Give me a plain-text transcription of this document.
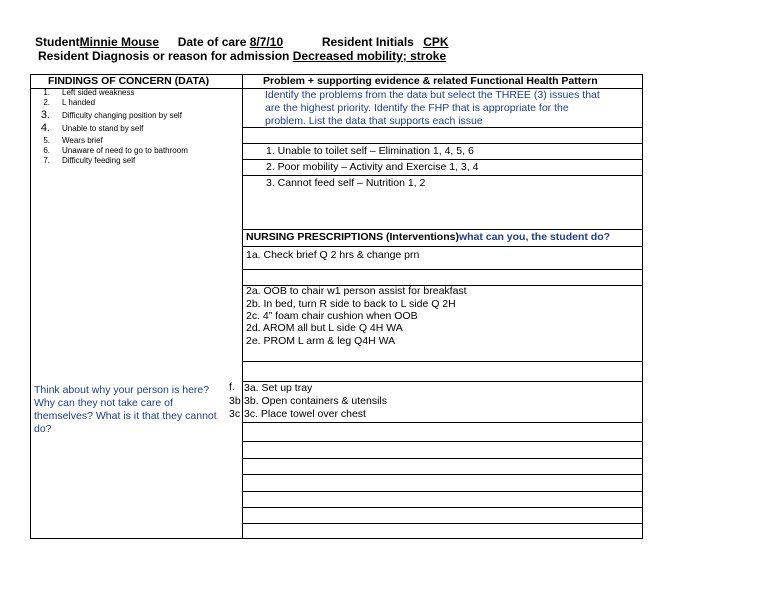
StudentMinnie Mouse Date of care 8/7/10	Resident Initials CPK
Resident Diagnosis or reason for admission Decreased mobility; stroke
FINDINGS OF CONCERN (DATA)
1. Left sided weakness
2. L handed
3. Difficulty changing position by self
4. Unable to stand by self
5. Wears brief
6. Unaware of need to go to bathroom
7. Difficulty feeding self
Think about why your person is here?
Why can they not take care of
themselves? What is it that they cannot
do?
f.
3b
3c
Problem + supporting evidence & related Functional Health Pattern
Identify the problems from the data but select the THREE (3) issues that
are the highest priority. Identify the FHP that is appropriate for the
problem. List the data that supports each issue
1. Unable to toilet self – Elimination 1, 4, 5, 6
2. Poor mobility – Activity and Exercise 1, 3, 4
3. Cannot feed self – Nutrition 1, 2
NURSING PRESCRIPTIONS (Interventions)what can you, the student do?
1a. Check brief Q 2 hrs & change prn
2a. OOB to chair w1 person assist for breakfast
2b. In bed, turn R side to back to L side Q 2H
2c. 4” foam chair cushion when OOB
2d. AROM all but L side Q 4H WA
2e. PROM L arm & leg Q4H WA
3a. Set up tray
3b. Open containers & utensils
3c. Place towel over chest
